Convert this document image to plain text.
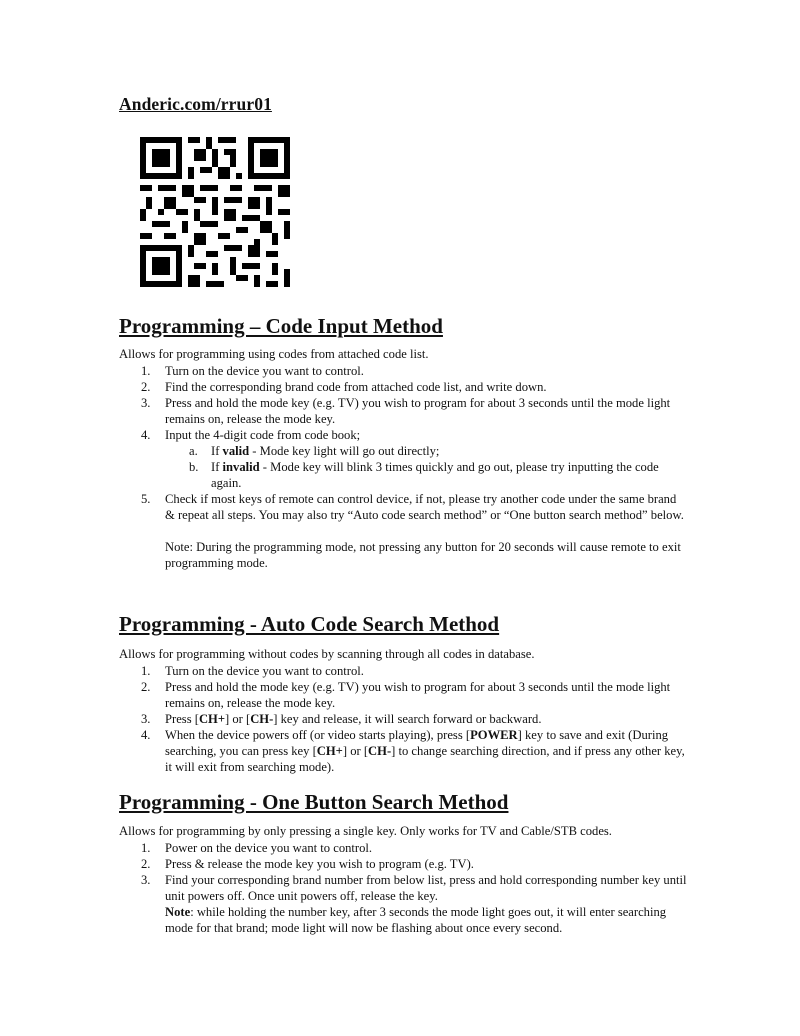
Anderic.com/rrur01
Programming – Code Input Method
Allows for programming using codes from attached code list.
1. Turn on the device you want to control.
2. Find the corresponding brand code from attached code list, and write down.
3. Press and hold the mode key (e.g. TV) you wish to program for about 3 seconds until the mode light remains on, release the mode key.
4. Input the 4-digit code from code book;
a. If valid - Mode key light will go out directly;
b. If invalid - Mode key will blink 3 times quickly and go out, please try inputting the code again.
5. Check if most keys of remote can control device, if not, please try another code under the same brand & repeat all steps. You may also try “Auto code search method” or “One button search method” below.
Note: During the programming mode, not pressing any button for 20 seconds will cause remote to exit programming mode.
Programming - Auto Code Search Method
Allows for programming without codes by scanning through all codes in database.
1. Turn on the device you want to control.
2. Press and hold the mode key (e.g. TV) you wish to program for about 3 seconds until the mode light remains on, release the mode key.
3. Press [CH+] or [CH-] key and release, it will search forward or backward.
4. When the device powers off (or video starts playing), press [POWER] key to save and exit (During searching, you can press key [CH+] or [CH-] to change searching direction, and if press any other key, it will exit from searching mode).
Programming - One Button Search Method
Allows for programming by only pressing a single key. Only works for TV and Cable/STB codes.
1. Power on the device you want to control.
2. Press & release the mode key you wish to program (e.g. TV).
3. Find your corresponding brand number from below list, press and hold corresponding number key until unit powers off. Once unit powers off, release the key.
Note: while holding the number key, after 3 seconds the mode light goes out, it will enter searching mode for that brand; mode light will now be flashing about once every second.
